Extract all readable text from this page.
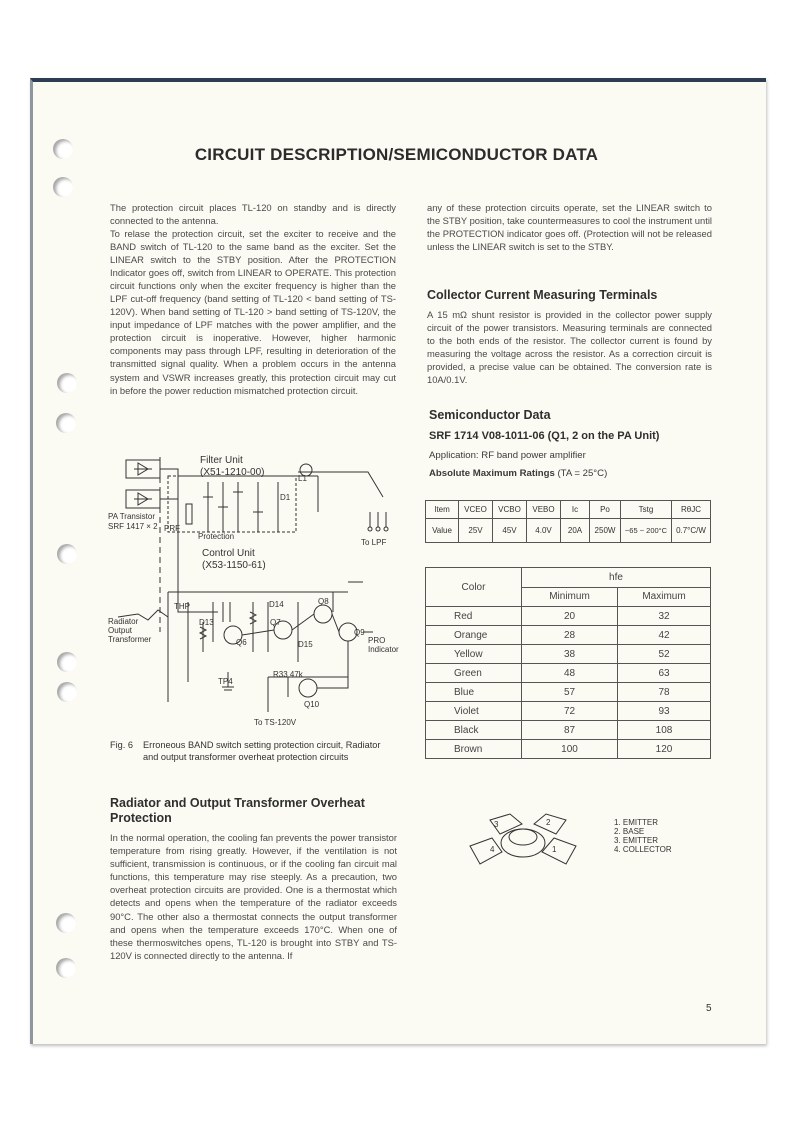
CIRCUIT DESCRIPTION/SEMICONDUCTOR DATA

The protection circuit places TL-120 on standby and is directly connected to the antenna.

To relase the protection circuit, set the exciter to receive and the BAND switch of TL-120 to the same band as the exciter. Set the LINEAR switch to the STBY position. After the PROTECTION Indicator goes off, switch from LINEAR to OPERATE. This protection circuit functions only when the exciter frequency is higher than the LPF cut-off frequency (band setting of TL-120 < band setting of TS-120V). When band setting of TL-120 > band setting of TS-120V, the input impedance of LPF matches with the power amplifier, and the protection circuit is inoperative. However, higher harmonic components may pass through LPF, resulting in deterioration of the transmitted signal quality. When a problem occurs in the antenna system and VSWR increases greatly, this protection circuit may cut in before the power reduction mismatched protection circuit.

Filter Unit
(X51-1210-00)
D1
L1
TP4
PA Transistor
SRF 1417 × 2 PRF
Protection
To LPF
Control Unit
(X53-1150-61)
THP
Radiator Output Transformer
D13
D14
D15
Q6
Q7
Q8
Q9
Q10
R33 47k
PRO Indicator
To TS-120V
Fig. 6 Erroneous BAND switch setting protection circuit, Radiator and output transformer overheat protection circuits
Radiator and Output Transformer Overheat Protection

In the normal operation, the cooling fan prevents the power transistor temperature from rising greatly. However, if the ventilation is not sufficient, transmission is continuous, or if the cooling fan circuit mal functions, this temperature may rise steeply. As a precaution, two overheat protection circuits are provided. One is a thermostat which detects and opens when the temperature of the radiator exceeds 90°C. The other also a thermostat connects the output transformer and opens when the temperature exceeds 170°C. When one of these thermoswitches opens, TL-120 is brought into STBY and TS-120V is connected directly to the antenna. If

any of these protection circuits operate, set the LINEAR switch to the STBY position, take countermeasures to cool the instrument until the PROTECTION indicator goes off. (Protection will not be released unless the LINEAR switch is set to the STBY.

Collector Current Measuring Terminals

A 15 mΩ shunt resistor is provided in the collector power supply circuit of the power transistors. Measuring terminals are connected to the both ends of the resistor. The collector current is found by measuring the voltage across the resistor. As a correction circuit is provided, a precise value can be obtained. The conversion rate is 10A/0.1V.

Semiconductor Data
SRF 1714 V08-1011-06 (Q1, 2 on the PA Unit)
Application: RF band power amplifier
Absolute Maximum Ratings (TA = 25°C)
Item	VCEO	VCBO	VEBO	Ic	Po	Tstg	RθJC
Value	25V	45V	4.0V	20A	250W	−65 ~ 200°C	0.7°C/W
Color	hfe	
	Minimum	Maximum
Red	20	32
Orange	28	42
Yellow	38	52
Green	48	63
Blue	57	78
Violet	72	93
Black	87	108
Brown	100	120
3	2
4	1
1. EMITTER
2. BASE
3. EMITTER
4. COLLECTOR
5
